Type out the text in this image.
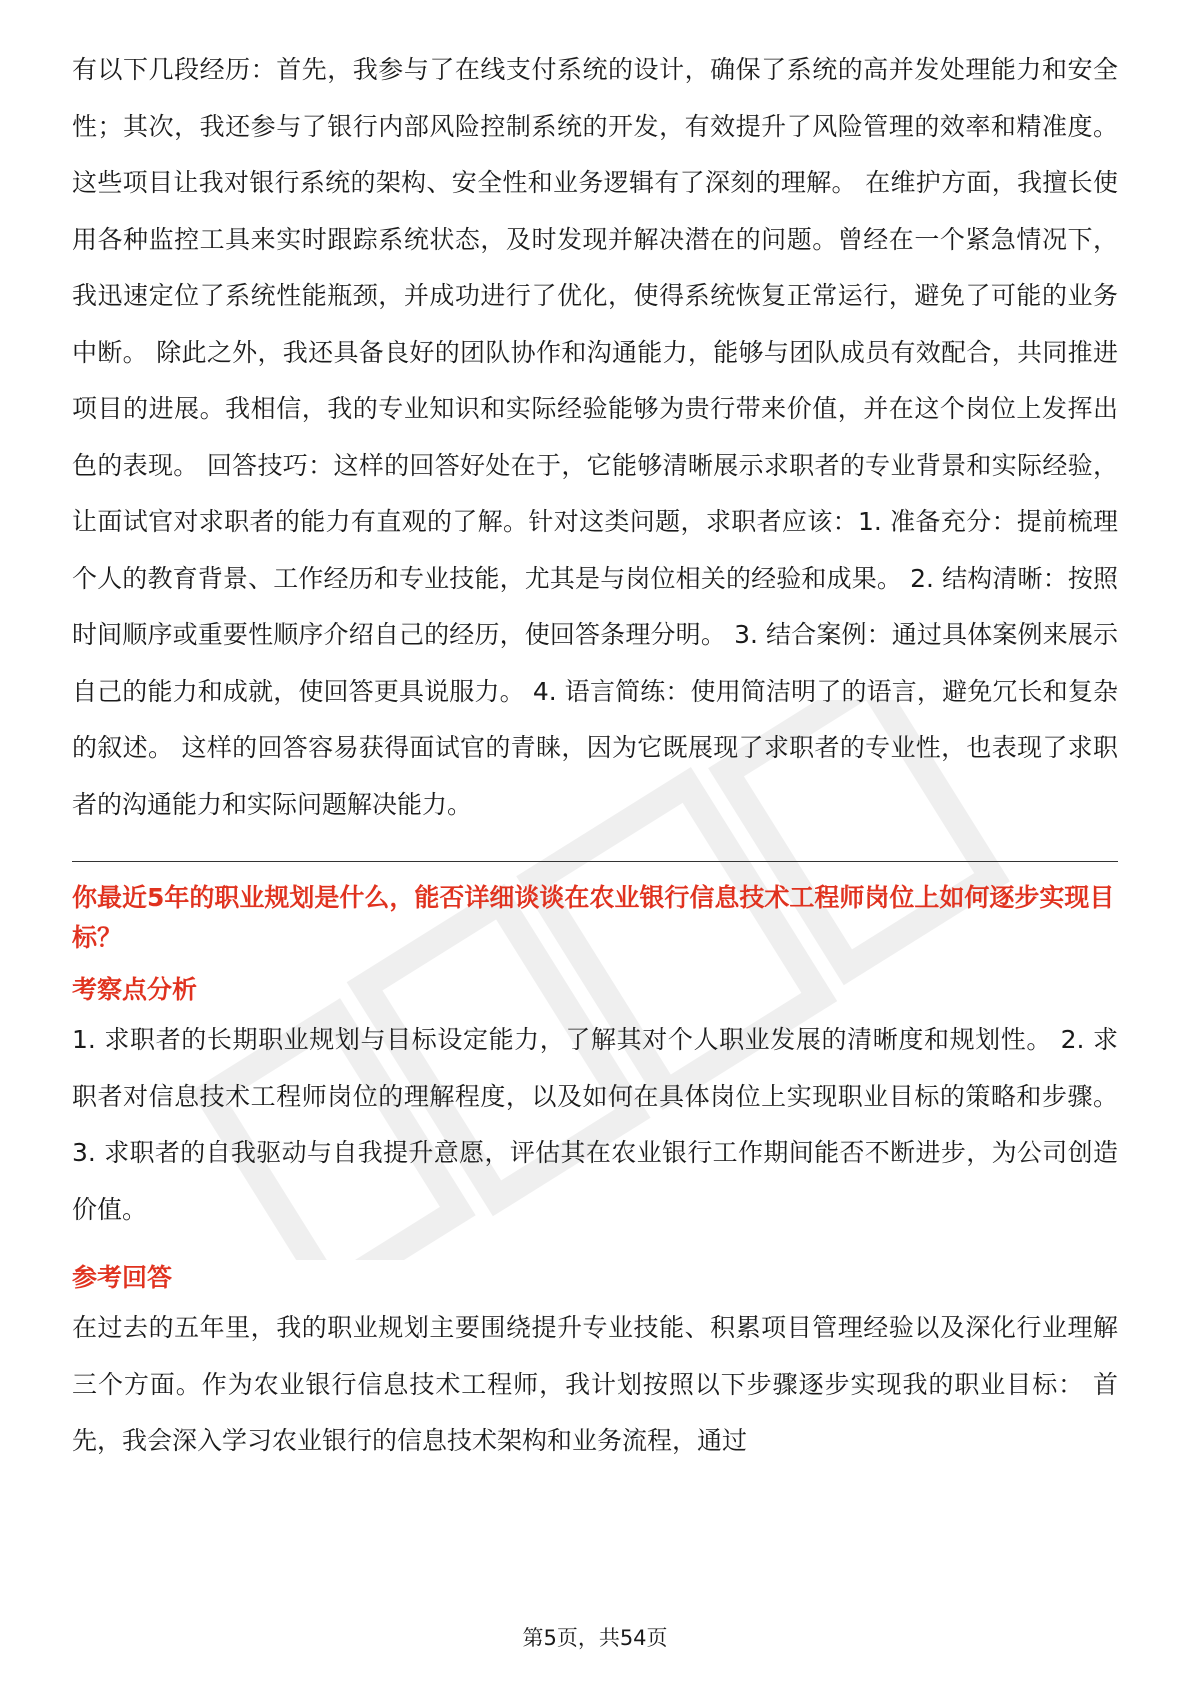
有以下几段经历：首先，我参与了在线支付系统的设计，确保了系统的高并发处理能力和安全性；其次，我还参与了银行内部风险控制系统的开发，有效提升了风险管理的效率和精准度。这些项目让我对银行系统的架构、安全性和业务逻辑有了深刻的理解。 在维护方面，我擅长使用各种监控工具来实时跟踪系统状态，及时发现并解决潜在的问题。曾经在一个紧急情况下，我迅速定位了系统性能瓶颈，并成功进行了优化，使得系统恢复正常运行，避免了可能的业务中断。 除此之外，我还具备良好的团队协作和沟通能力，能够与团队成员有效配合，共同推进项目的进展。我相信，我的专业知识和实际经验能够为贵行带来价值，并在这个岗位上发挥出色的表现。 回答技巧：这样的回答好处在于，它能够清晰展示求职者的专业背景和实际经验，让面试官对求职者的能力有直观的了解。针对这类问题，求职者应该：1. 准备充分：提前梳理个人的教育背景、工作经历和专业技能，尤其是与岗位相关的经验和成果。 2. 结构清晰：按照时间顺序或重要性顺序介绍自己的经历，使回答条理分明。 3. 结合案例：通过具体案例来展示自己的能力和成就，使回答更具说服力。 4. 语言简练：使用简洁明了的语言，避免冗长和复杂的叙述。 这样的回答容易获得面试官的青睐，因为它既展现了求职者的专业性，也表现了求职者的沟通能力和实际问题解决能力。

你最近5年的职业规划是什么，能否详细谈谈在农业银行信息技术工程师岗位上如何逐步实现目标？

考察点分析

1. 求职者的长期职业规划与目标设定能力，了解其对个人职业发展的清晰度和规划性。 2. 求职者对信息技术工程师岗位的理解程度，以及如何在具体岗位上实现职业目标的策略和步骤。 3. 求职者的自我驱动与自我提升意愿，评估其在农业银行工作期间能否不断进步，为公司创造价值。

参考回答

在过去的五年里，我的职业规划主要围绕提升专业技能、积累项目管理经验以及深化行业理解三个方面。作为农业银行信息技术工程师，我计划按照以下步骤逐步实现我的职业目标： 首先，我会深入学习农业银行的信息技术架构和业务流程，通过

第5页，共54页
